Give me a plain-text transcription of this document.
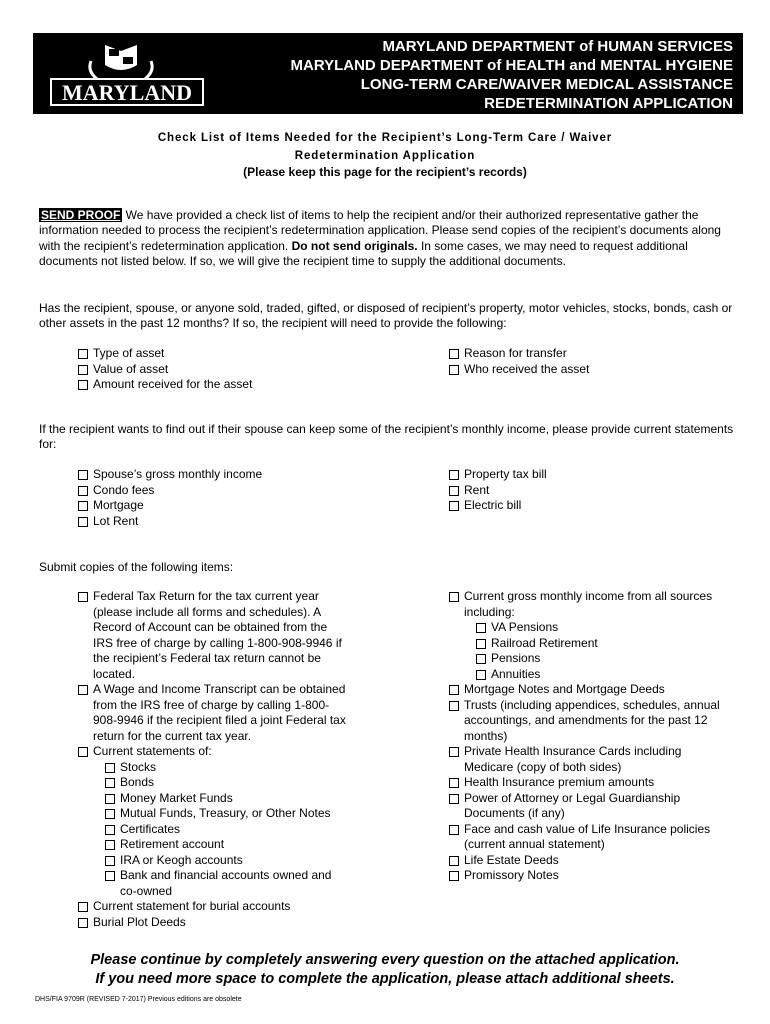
MARYLAND
MARYLAND DEPARTMENT of HUMAN SERVICES
MARYLAND DEPARTMENT of HEALTH and MENTAL HYGIENE
LONG-TERM CARE/WAIVER MEDICAL ASSISTANCE
REDETERMINATION APPLICATION
Check List of Items Needed for the Recipient’s Long-Term Care / Waiver
Redetermination Application
(Please keep this page for the recipient’s records)
SEND PROOF We have provided a check list of items to help the recipient and/or their authorized representative gather the information needed to process the recipient’s redetermination application. Please send copies of the recipient’s documents along with the recipient’s redetermination application. Do not send originals. In some cases, we may need to request additional documents not listed below. If so, we will give the recipient time to supply the additional documents.
Has the recipient, spouse, or anyone sold, traded, gifted, or disposed of recipient’s property, motor vehicles, stocks, bonds, cash or other assets in the past 12 months? If so, the recipient will need to provide the following:
Type of asset
Value of asset
Amount received for the asset
Reason for transfer
Who received the asset
If the recipient wants to find out if their spouse can keep some of the recipient’s monthly income, please provide current statements for:
Spouse’s gross monthly income
Condo fees
Mortgage
Lot Rent
Property tax bill
Rent
Electric bill
Submit copies of the following items:
Federal Tax Return for the tax current year
(please include all forms and schedules). A
Record of Account can be obtained from the
IRS free of charge by calling 1-800-908-9946 if
the recipient’s Federal tax return cannot be
located.
A Wage and Income Transcript can be obtained
from the IRS free of charge by calling 1-800-
908-9946 if the recipient filed a joint Federal tax
return for the current tax year.
Current statements of:
Stocks
Bonds
Money Market Funds
Mutual Funds, Treasury, or Other Notes
Certificates
Retirement account
IRA or Keogh accounts
Bank and financial accounts owned and
co-owned
Current statement for burial accounts
Burial Plot Deeds
Current gross monthly income from all sources
including:
VA Pensions
Railroad Retirement
Pensions
Annuities
Mortgage Notes and Mortgage Deeds
Trusts (including appendices, schedules, annual
accountings, and amendments for the past 12
months)
Private Health Insurance Cards including
Medicare (copy of both sides)
Health Insurance premium amounts
Power of Attorney or Legal Guardianship
Documents (if any)
Face and cash value of Life Insurance policies
(current annual statement)
Life Estate Deeds
Promissory Notes
Please continue by completely answering every question on the attached application.
If you need more space to complete the application, please attach additional sheets.
DHS/FIA 9709R (REVISED 7-2017) Previous editions are obsolete
